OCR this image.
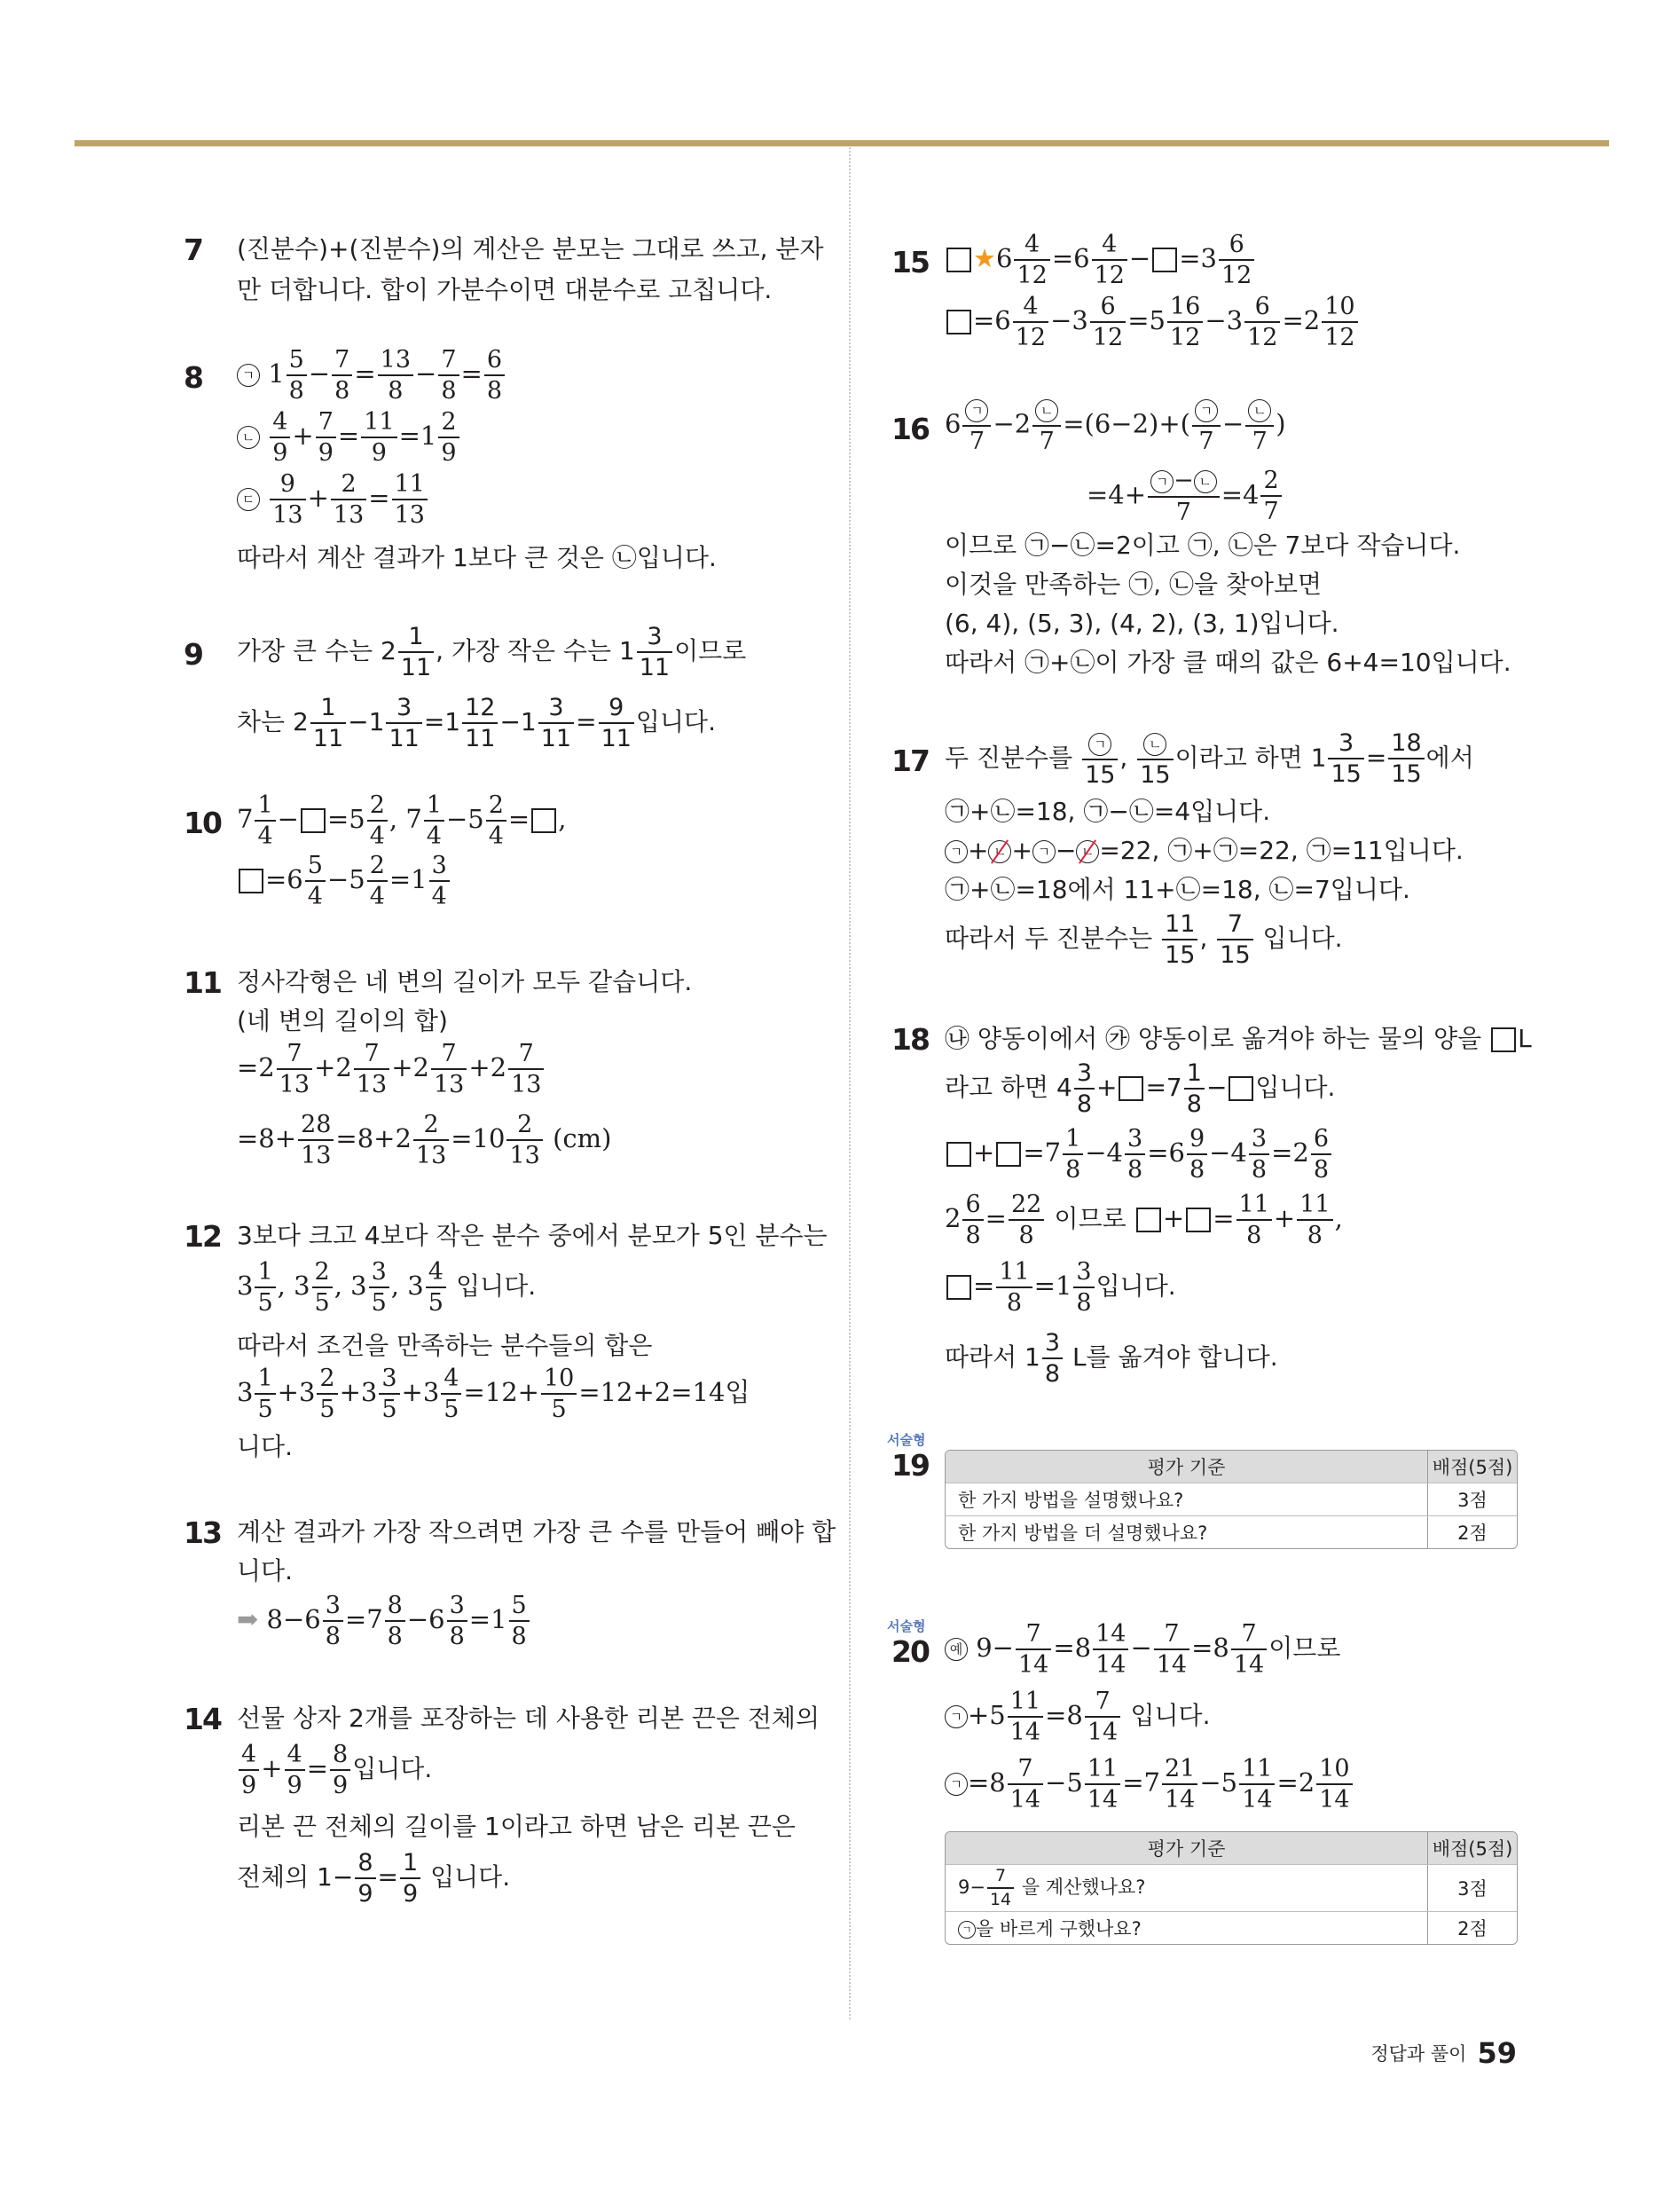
7 (진분수)+(진분수)의 계산은 분모는 그대로 쓰고, 분자
만 더합니다. 합이 가분수이면 대분수로 고칩니다.
8	ㄱ $1 \frac{5}{8} - \frac{7}{8} = \frac{13}{8} - \frac{7}{8} = \frac{6}{8}$
ㄴ $\frac{4}{9} + \frac{7}{9} = \frac{11}{9} =1 \frac{2}{9}$
ㄷ $\frac{9}{13} + \frac{2}{13} = \frac{11}{13}$
따라서 계산 결과가 1보다 큰 것은 ㉡입니다.
9 가장 큰 수는 $2 \frac{1}{11}$ , 가장 작은 수는 $1 \frac{3}{11}$ 이므로
차는 $2 \frac{1}{11} -1 \frac{3}{11} =1 \frac{12}{11} -1 \frac{3}{11} = \frac{9}{11}$ 입니다.
10 $7 \frac{1}{4} - =5 \frac{2}{4}$ , $7 \frac{1}{4} -5 \frac{2}{4}$ = ,
$=6 \frac{5}{4} -5 \frac{2}{4} =1 \frac{3}{4}$
11 정사각형은 네 변의 길이가 모두 같습니다.
(네 변의 길이의 합)
$=2 \frac{7}{13} +2 \frac{7}{13} +2 \frac{7}{13} +2 \frac{7}{13}$
$=8+ \frac{28}{13} =8+2 \frac{2}{13} =10 \frac{2}{13} (cm)$
12 3보다 크고 4보다 작은 분수 중에서 분모가 5인 분수는
$3 \frac{1}{5}$ , $3 \frac{2}{5}$ , $3 \frac{3}{5}$ , $3 \frac{4}{5}$ 입니다.
따라서 조건을 만족하는 분수들의 합은
$3 \frac{1}{5} +3 \frac{2}{5} +3 \frac{3}{5} +3 \frac{4}{5} =12+ \frac{10}{5} =12+2=14$입
니다.
13 계산 결과가 가장 작으려면 가장 큰 수를 만들어 빼야 합
니다.
➡ $8-6 \frac{3}{8} =7 \frac{8}{8} -6 \frac{3}{8} =1 \frac{5}{8}$
14 선물 상자 2개를 포장하는 데 사용한 리본 끈은 전체의
$\frac{4}{9} + \frac{4}{9} = \frac{8}{9}$ 입니다.
리본 끈 전체의 길이를 1이라고 하면 남은 리본 끈은
전체의 $1- \frac{8}{9} = \frac{1}{9}$ 입니다.
15	★6 $\frac{4}{12} =6 \frac{4}{12} - =3 \frac{6}{12}$
$=6 \frac{4}{12} -3 \frac{6}{12} =5 \frac{16}{12} -3 \frac{6}{12} =2 \frac{10}{12}$
16 $6 \frac{\text{ㄱ}}{7} -2 \frac{\text{ㄴ}}{7} =(6-2)+( \frac{\text{ㄱ}}{7} - \frac{\text{ㄴ}}{7}$ )
$=4+ \frac{\text{ㄱ − ㄴ}}{7} =4 \frac{2}{7}$
이므로 ㉠−㉡=2이고 ㉠, ㉡은 7보다 작습니다.
이것을 만족하는 ㉠, ㉡을 찾아보면
(6, 4), (5, 3), (4, 2), (3, 1)입니다.
따라서 ㉠+㉡이 가장 클 때의 값은 6+4=10입니다.
17 두 진분수를 $\frac{\text{ㄱ}}{15}$ , $\frac{\text{ㄴ}}{15}$ 이라고 하면 $1 \frac{3}{15} = \frac{18}{15}$ 에서
㉠+㉡=18, ㉠−㉡=4입니다.
ㄱ + ㄴ + ㄱ − ㄴ =22, ㉠+㉠=22, ㉠=11입니다.
㉠+㉡=18에서 11+㉡=18, ㉡=7입니다.
따라서 두 진분수는 $\frac{11}{15}$ , $\frac{7}{15}$ 입니다.
18 ㉯ 양동이에서 ㉮ 양동이로 옮겨야 하는 물의 양을 L
라고 하면 $4 \frac{3}{8} + =7 \frac{1}{8}$ − 입니다.
+ $=7 \frac{1}{8} -4 \frac{3}{8} =6 \frac{9}{8} -4 \frac{3}{8} =2 \frac{6}{8}$
$2 \frac{6}{8} = \frac{22}{8}$ 이므로 + = $\frac{11}{8} + \frac{11}{8}$ ,
= $\frac{11}{8} =1 \frac{3}{8}$ 입니다.
따라서 $1 \frac{3}{8}$ L를 옮겨야 합니다.
서술형
19	평가 기준	배점(5점)
한 가지 방법을 설명했나요?	3점
한 가지 방법을 더 설명했나요?	2점
서술형
20	예 $9- \frac{7}{14} =8 \frac{14}{14} - \frac{7}{14} =8 \frac{7}{14}$ 이므로
ㄱ $+5 \frac{11}{14} =8 \frac{7}{14}$ 입니다.
ㄱ $=8 \frac{7}{14} -5 \frac{11}{14} =7 \frac{21}{14} -5 \frac{11}{14} =2 \frac{10}{14}$
평가 기준	배점(5점)
$9- \frac{7}{14}$ 을 계산했나요?	3점
ㄱ 을 바르게 구했나요?	2점
정답과 풀이 59
